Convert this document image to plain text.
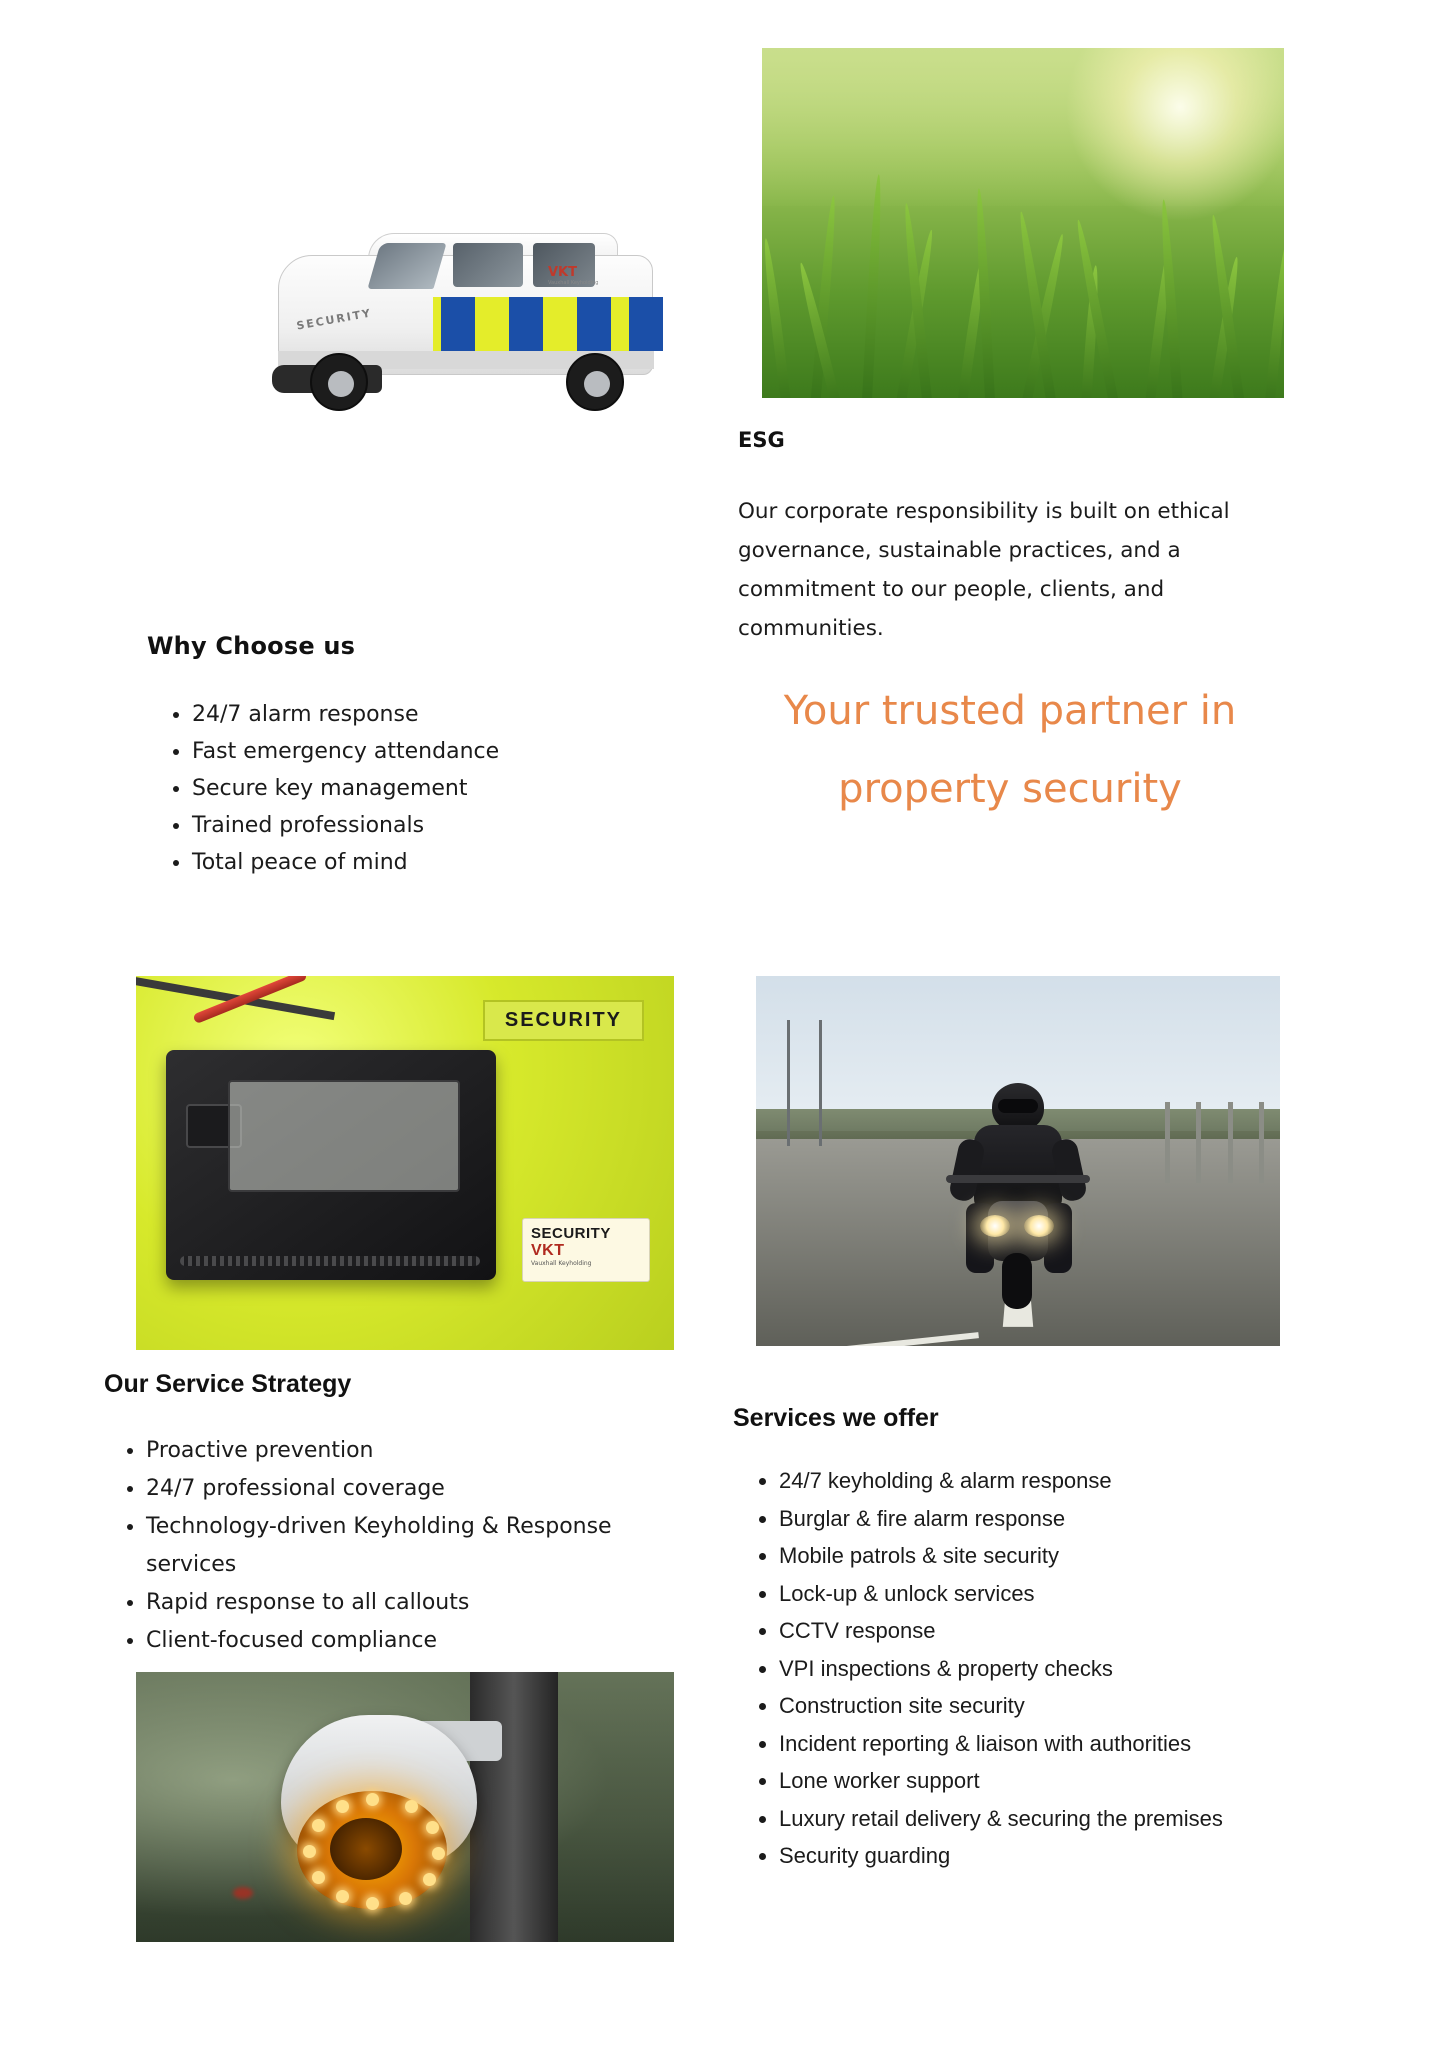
SECURITY
VKT
Vauxhall Keyholding
Why Choose us
• 24/7 alarm response
• Fast emergency attendance
• Secure key management
• Trained professionals
• Total peace of mind
ESG

Our corporate responsibility is built on ethical governance, sustainable practices, and a commitment to our people, clients, and communities.

Your trusted partner in property security
SECURITY
SECURITY
VKT
Vauxhall Keyholding
Our Service Strategy
• Proactive prevention
• 24/7 professional coverage
• Technology-driven Keyholding & Response services
• Rapid response to all callouts
• Client-focused compliance
Services we offer
• 24/7 keyholding & alarm response
• Burglar & fire alarm response
• Mobile patrols & site security
• Lock-up & unlock services
• CCTV response
• VPI inspections & property checks
• Construction site security
• Incident reporting & liaison with authorities
• Lone worker support
• Luxury retail delivery & securing the premises
• Security guarding
